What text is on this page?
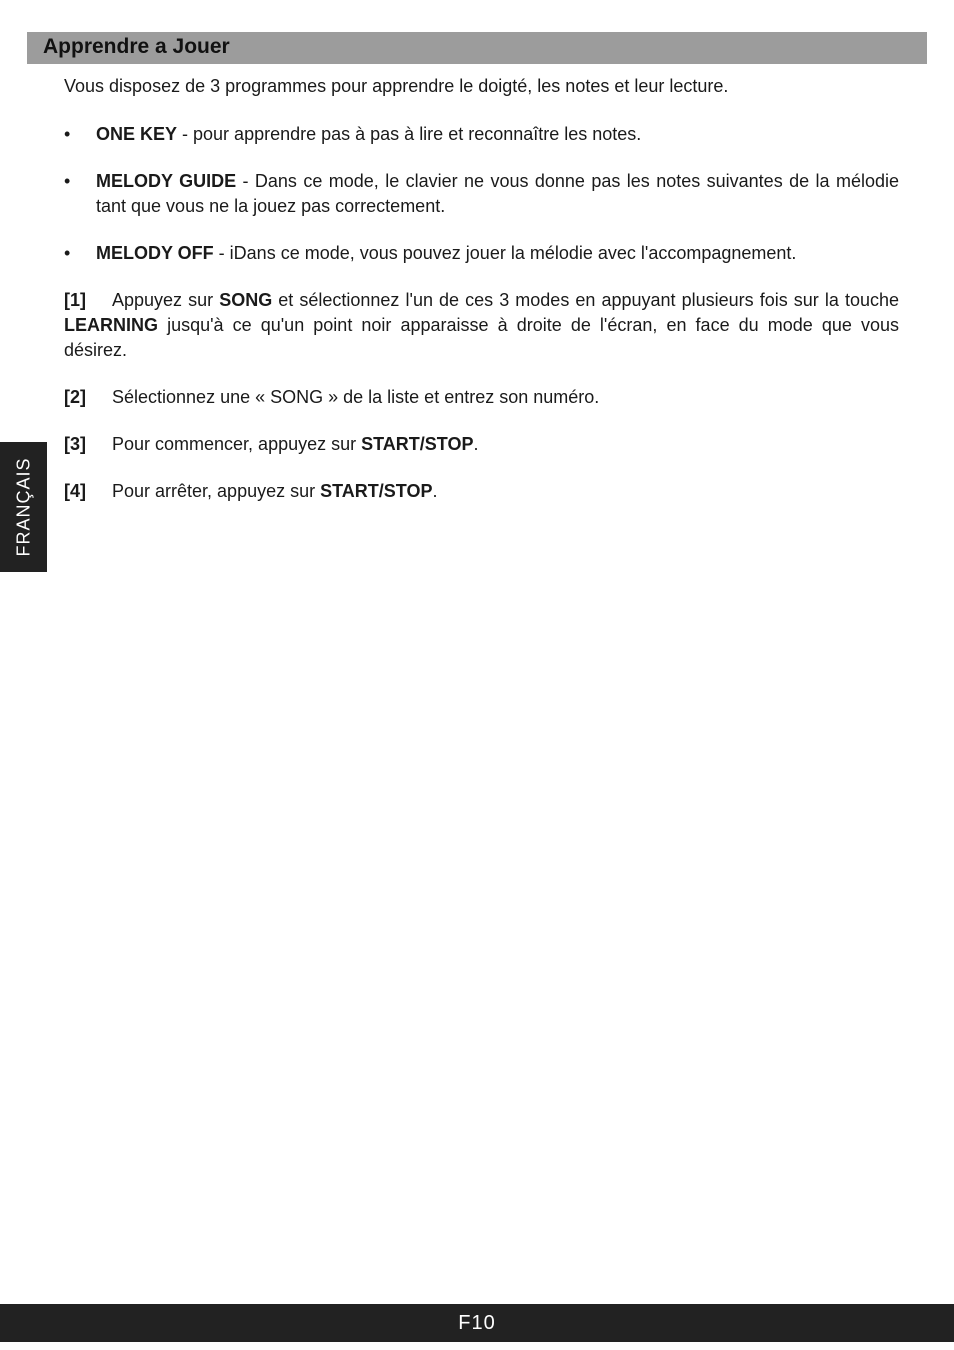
Apprendre a Jouer

Vous disposez de 3 programmes pour apprendre le doigté, les notes et leur lecture.

• ONE KEY - pour apprendre pas à pas à lire et reconnaître les notes.

• MELODY GUIDE - Dans ce mode, le clavier ne vous donne pas les notes suivantes de la mélodie tant que vous ne la jouez pas correctement.

• MELODY OFF - iDans ce mode, vous pouvez jouer la mélodie avec l'accompagnement.

[1] Appuyez sur SONG et sélectionnez l'un de ces 3 modes en appuyant plusieurs fois sur la touche LEARNING jusqu'à ce qu'un point noir apparaisse à droite de l'écran, en face du mode que vous désirez.

[2] Sélectionnez une « SONG » de la liste et entrez son numéro.

[3] Pour commencer, appuyez sur START/STOP.

[4] Pour arrêter, appuyez sur START/STOP.

FRANÇAIS
F10
